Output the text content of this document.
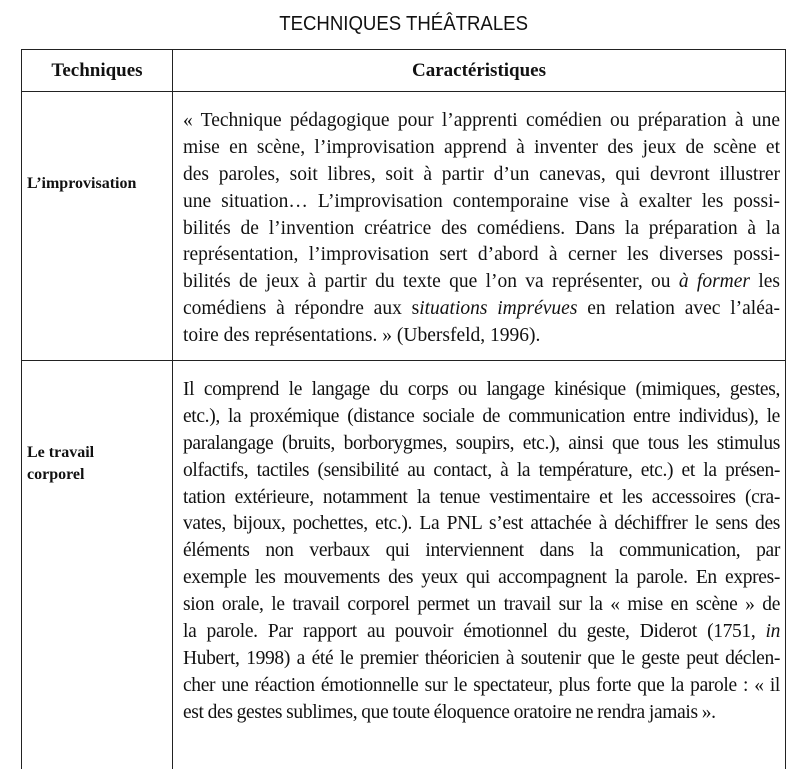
TECHNIQUES THÉÂTRALES
Techniques	Caractéristiques
L’improvisation
« Technique pédagogique pour l’apprenti comédien ou préparation à une
mise en scène, l’improvisation apprend à inventer des jeux de scène et
des paroles, soit libres, soit à partir d’un canevas, qui devront illustrer
une situation… L’improvisation contemporaine vise à exalter les possi-
bilités de l’invention créatrice des comédiens. Dans la préparation à la
représentation, l’improvisation sert d’abord à cerner les diverses possi-
bilités de jeux à partir du texte que l’on va représenter, ou à former les
comédiens à répondre aux situations imprévues en relation avec l’aléa-
toire des représentations. » (Ubersfeld, 1996).
Le travail
corporel
Il comprend le langage du corps ou langage kinésique (mimiques, gestes,
etc.), la proxémique (distance sociale de communication entre individus), le
paralangage (bruits, borborygmes, soupirs, etc.), ainsi que tous les stimulus
olfactifs, tactiles (sensibilité au contact, à la température, etc.) et la présen-
tation extérieure, notamment la tenue vestimentaire et les accessoires (cra-
vates, bijoux, pochettes, etc.). La PNL s’est attachée à déchiffrer le sens des
éléments non verbaux qui interviennent dans la communication, par
exemple les mouvements des yeux qui accompagnent la parole. En expres-
sion orale, le travail corporel permet un travail sur la « mise en scène » de
la parole. Par rapport au pouvoir émotionnel du geste, Diderot (1751, in
Hubert, 1998) a été le premier théoricien à soutenir que le geste peut déclen-
cher une réaction émotionnelle sur le spectateur, plus forte que la parole : « il
est des gestes sublimes, que toute éloquence oratoire ne rendra jamais ».
